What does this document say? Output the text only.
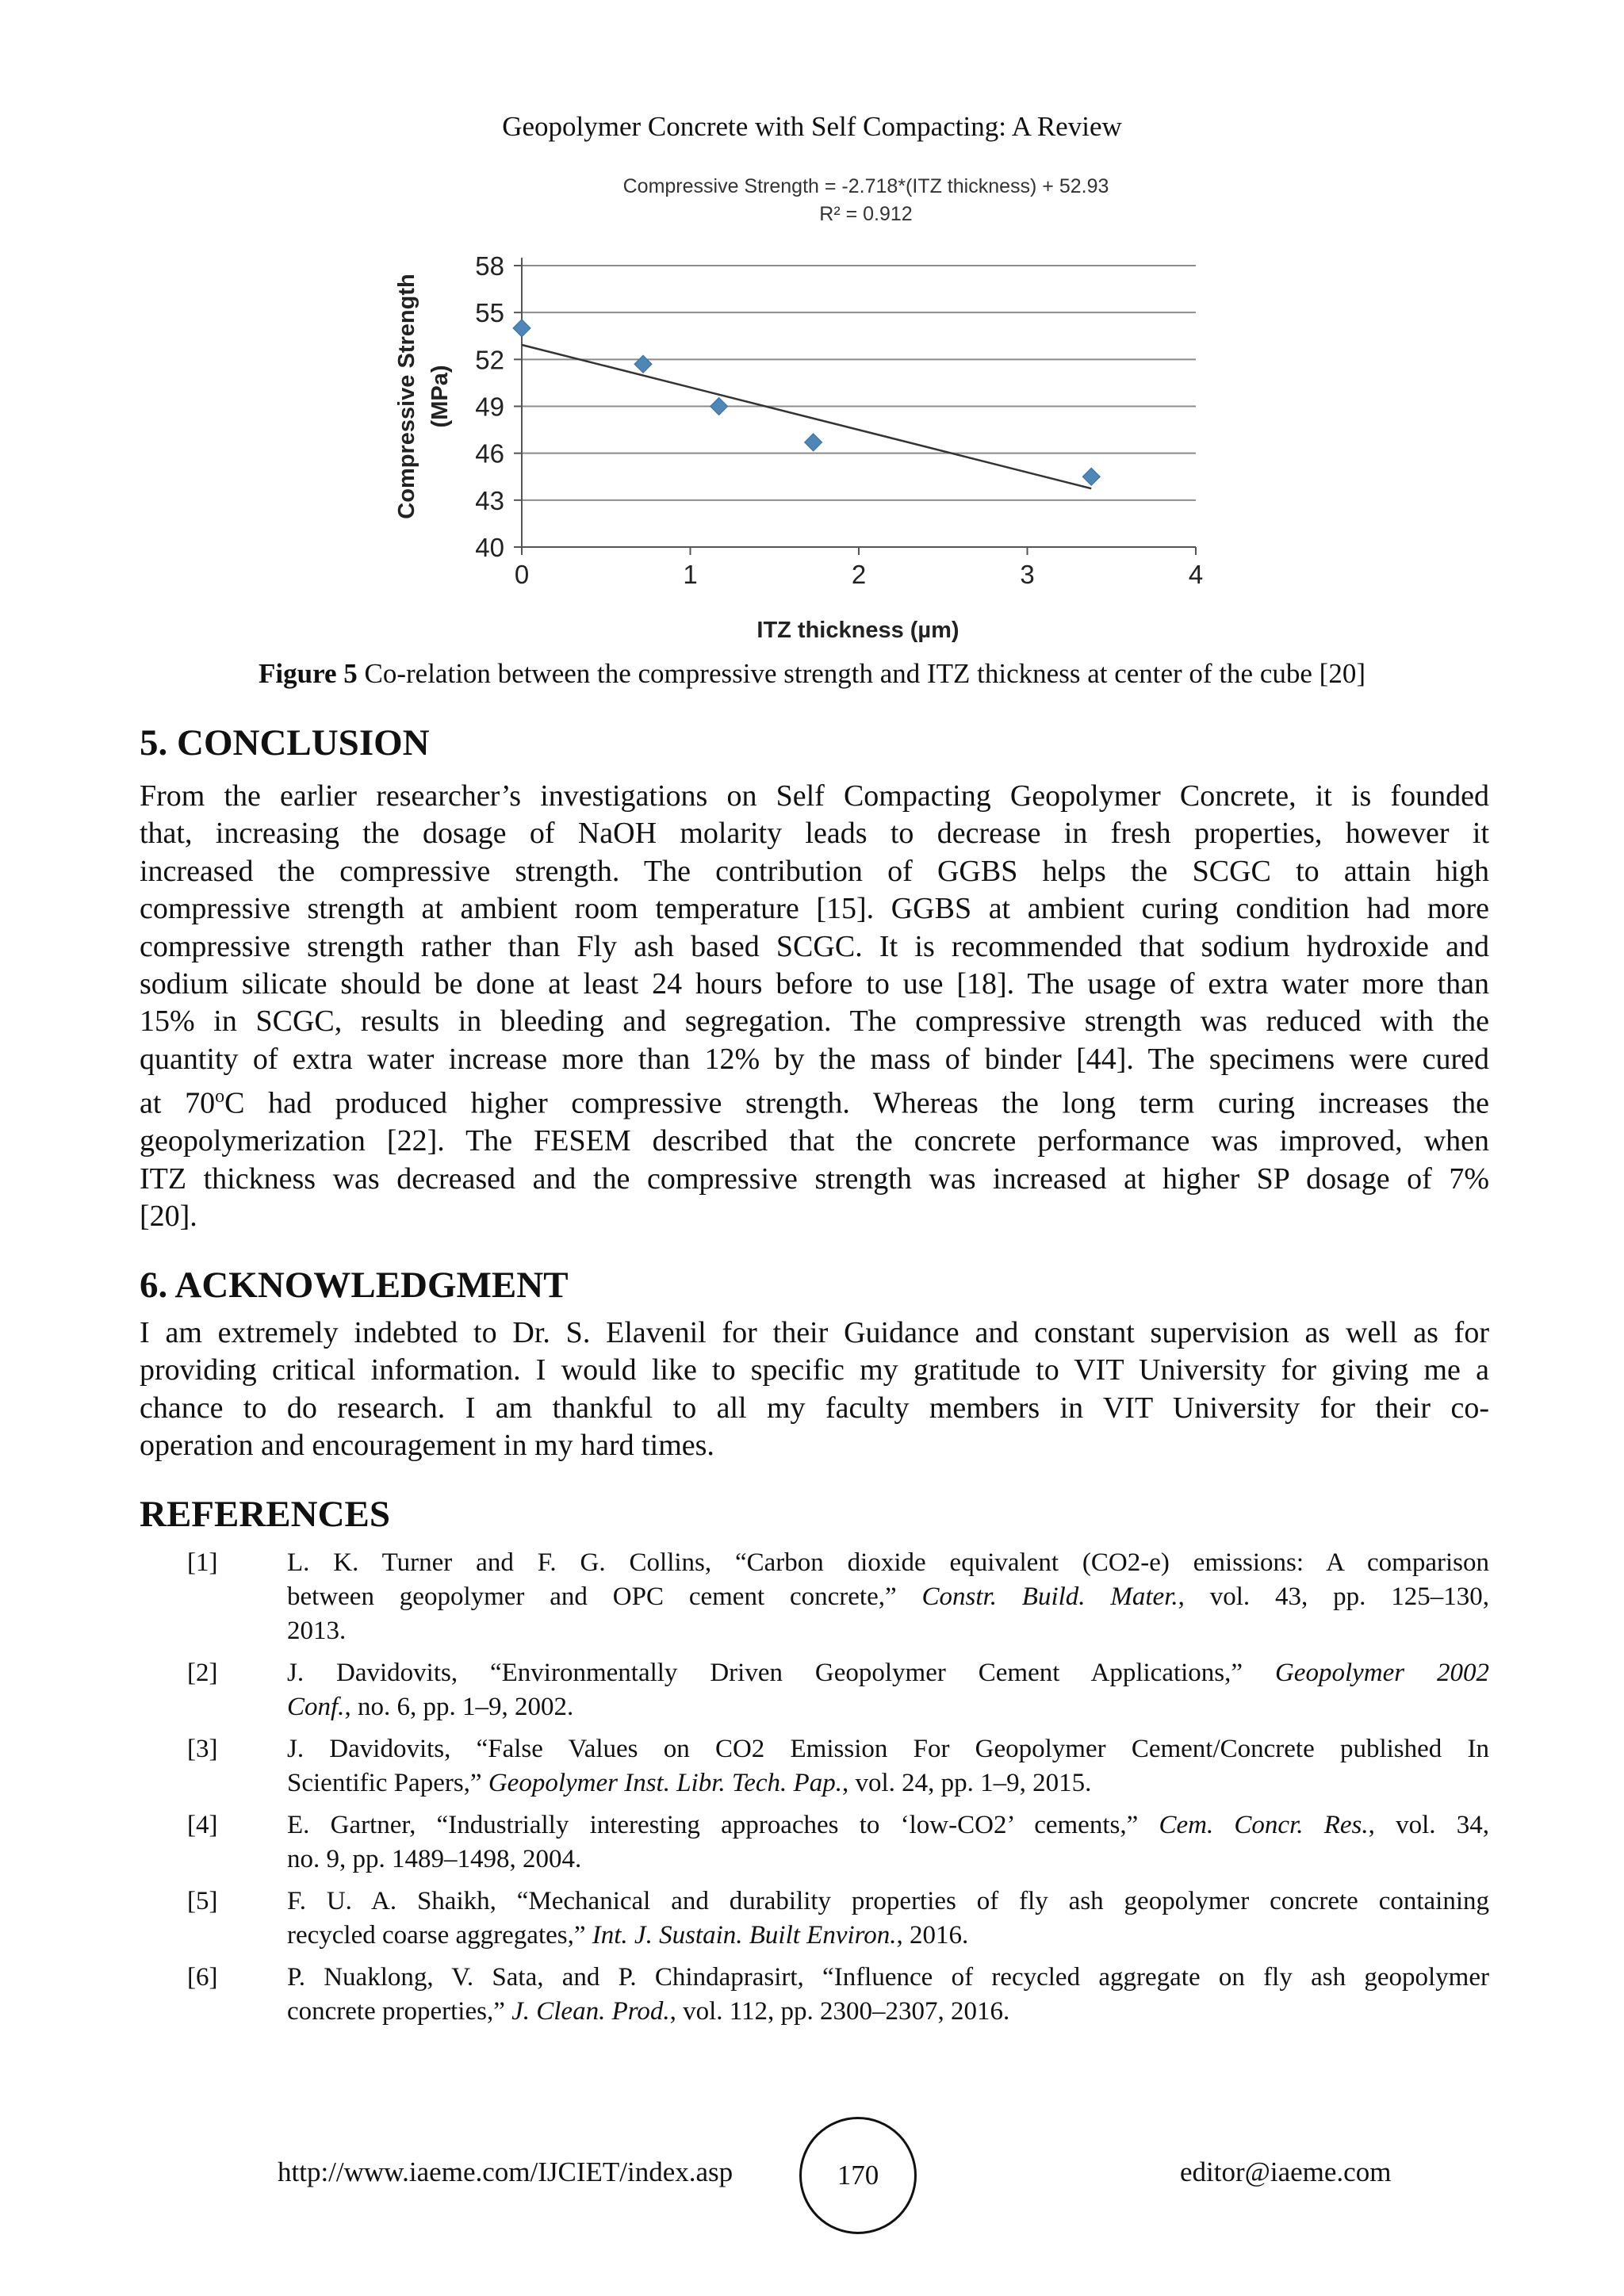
Geopolymer Concrete with Self Compacting: A Review
Compressive Strength = -2.718*(ITZ thickness) + 52.93
R² = 0.912
40
43
46
49
52
55
58
0	1	2	3	4
Compressive Strength (MPa)
ITZ thickness (µm)
Figure 5 Co-relation between the compressive strength and ITZ thickness at center of the cube [20]
5. CONCLUSION
From the earlier researcher’s investigations on Self Compacting Geopolymer Concrete, it is founded
that, increasing the dosage of NaOH molarity leads to decrease in fresh properties, however it
increased the compressive strength. The contribution of GGBS helps the SCGC to attain high
compressive strength at ambient room temperature [15]. GGBS at ambient curing condition had more
compressive strength rather than Fly ash based SCGC. It is recommended that sodium hydroxide and
sodium silicate should be done at least 24 hours before to use [18]. The usage of extra water more than
15% in SCGC, results in bleeding and segregation. The compressive strength was reduced with the
quantity of extra water increase more than 12% by the mass of binder [44]. The specimens were cured
at 70$^o$C had produced higher compressive strength. Whereas the long term curing increases the
geopolymerization [22]. The FESEM described that the concrete performance was improved, when
ITZ thickness was decreased and the compressive strength was increased at higher SP dosage of 7%
[20].
6. ACKNOWLEDGMENT
I am extremely indebted to Dr. S. Elavenil for their Guidance and constant supervision as well as for
providing critical information. I would like to specific my gratitude to VIT University for giving me a
chance to do research. I am thankful to all my faculty members in VIT University for their co-
operation and encouragement in my hard times.
REFERENCES
[1]	L. K. Turner and F. G. Collins, “Carbon dioxide equivalent (CO2-e) emissions: A comparison
between geopolymer and OPC cement concrete,” Constr. Build. Mater., vol. 43, pp. 125–130,
2013.
[2]	J. Davidovits, “Environmentally Driven Geopolymer Cement Applications,” Geopolymer 2002
Conf., no. 6, pp. 1–9, 2002.
[3]	J. Davidovits, “False Values on CO2 Emission For Geopolymer Cement/Concrete published In
Scientific Papers,” Geopolymer Inst. Libr. Tech. Pap., vol. 24, pp. 1–9, 2015.
[4]	E. Gartner, “Industrially interesting approaches to ‘low-CO2’ cements,” Cem. Concr. Res., vol. 34,
no. 9, pp. 1489–1498, 2004.
[5]	F. U. A. Shaikh, “Mechanical and durability properties of fly ash geopolymer concrete containing
recycled coarse aggregates,” Int. J. Sustain. Built Environ., 2016.
[6]	P. Nuaklong, V. Sata, and P. Chindaprasirt, “Influence of recycled aggregate on fly ash geopolymer
concrete properties,” J. Clean. Prod., vol. 112, pp. 2300–2307, 2016.
http://www.iaeme.com/IJCIET/index.asp	170	editor@iaeme.com
